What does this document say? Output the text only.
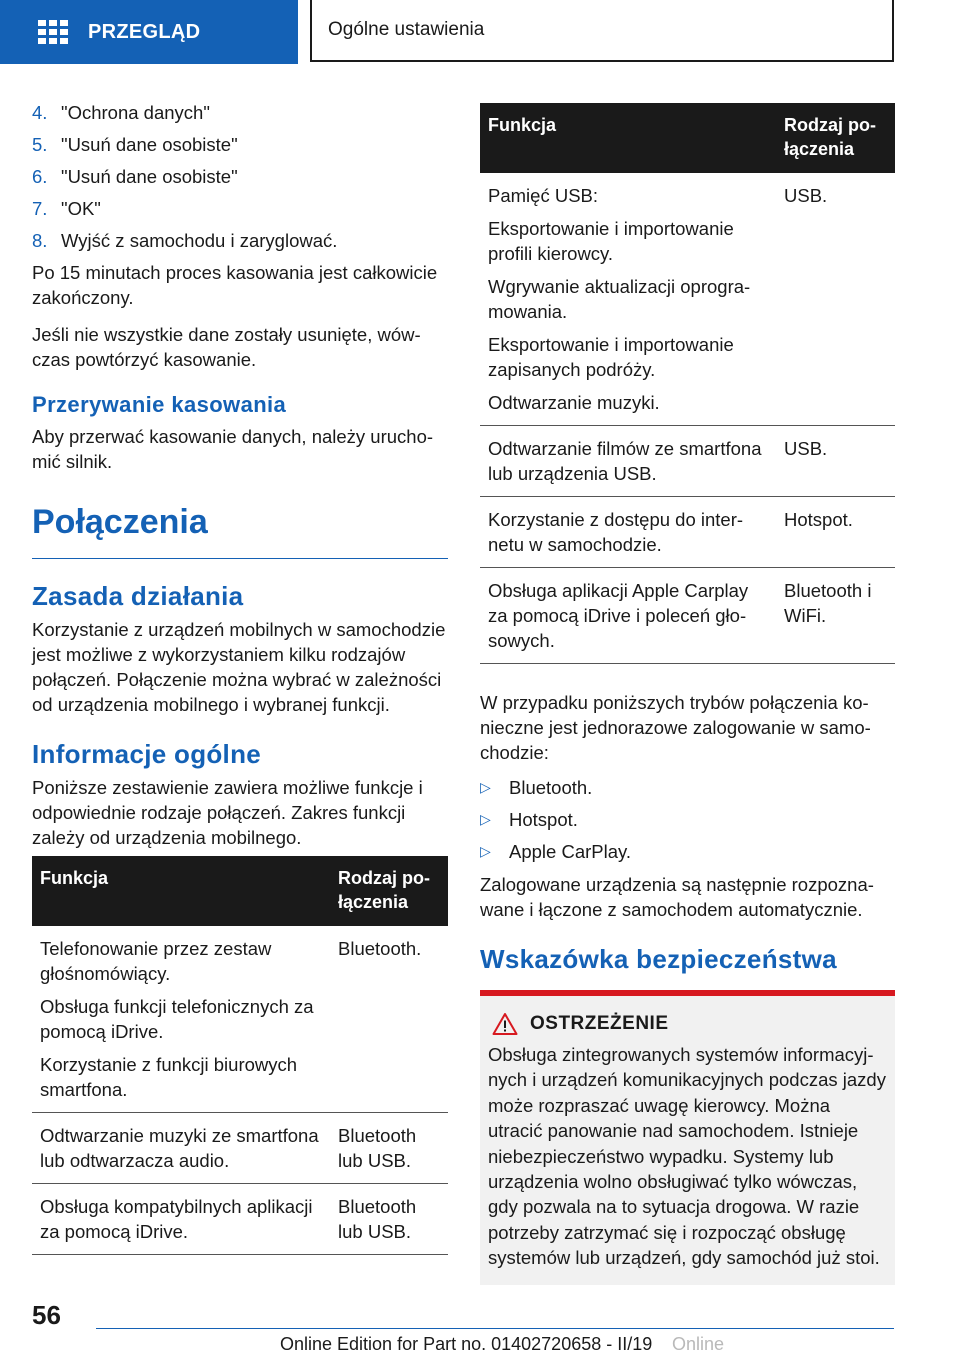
PRZEGLĄD	Ogólne ustawienia
4. "Ochrona danych"
5. "Usuń dane osobiste"
6. "Usuń dane osobiste"
7. "OK"
8. Wyjść z samochodu i zaryglować.

Po 15 minutach proces kasowania jest całkowicie zakończony.

Jeśli nie wszystkie dane zostały usunięte, wówczas powtórzyć kasowanie.

Przerywanie kasowania

Aby przerwać kasowanie danych, należy uruchomić silnik.

Połączenia
Zasada działania

Korzystanie z urządzeń mobilnych w samochodzie jest możliwe z wykorzystaniem kilku rodzajów połączeń. Połączenie można wybrać w zależności od urządzenia mobilnego i wybranej funkcji.

Informacje ogólne

Poniższe zestawienie zawiera możliwe funkcje i odpowiednie rodzaje połączeń. Zakres funkcji zależy od urządzenia mobilnego.

Funkcja	Rodzaj połączenia

Telefonowanie przez zestaw głośnomówiący.

Obsługa funkcji telefonicznych za pomocą iDrive.

Korzystanie z funkcji biurowych smartfona.	Bluetooth.

Odtwarzanie muzyki ze smartfona lub odtwarzacza audio.	Bluetooth lub USB.

Obsługa kompatybilnych aplikacji za pomocą iDrive.	Bluetooth lub USB.
Funkcja	Rodzaj połączenia

Pamięć USB:

Eksportowanie i importowanie profili kierowcy.

Wgrywanie aktualizacji oprogramowania.

Eksportowanie i importowanie zapisanych podróży.

Odtwarzanie muzyki.	USB.

Odtwarzanie filmów ze smartfona lub urządzenia USB.	USB.

Korzystanie z dostępu do internetu w samochodzie.	Hotspot.

Obsługa aplikacji Apple Carplay za pomocą iDrive i poleceń głosowych.	Bluetooth i WiFi.

W przypadku poniższych trybów połączenia konieczne jest jednorazowe zalogowanie w samochodzie:

▷ Bluetooth.
▷ Hotspot.
▷ Apple CarPlay.

Zalogowane urządzenia są następnie rozpoznawane i łączone z samochodem automatycznie.

Wskazówka bezpieczeństwa
OSTRZEŻENIE

Obsługa zintegrowanych systemów informacyjnych i urządzeń komunikacyjnych podczas jazdy może rozpraszać uwagę kierowcy. Można utracić panowanie nad samochodem. Istnieje niebezpieczeństwo wypadku. Systemy lub urządzenia wolno obsługiwać tylko wówczas, gdy pozwala na to sytuacja drogowa. W razie potrzeby zatrzymać się i rozpocząć obsługę systemów lub urządzeń, gdy samochód już stoi.

56
Online Edition for Part no. 01402720658 - II/19 Online
